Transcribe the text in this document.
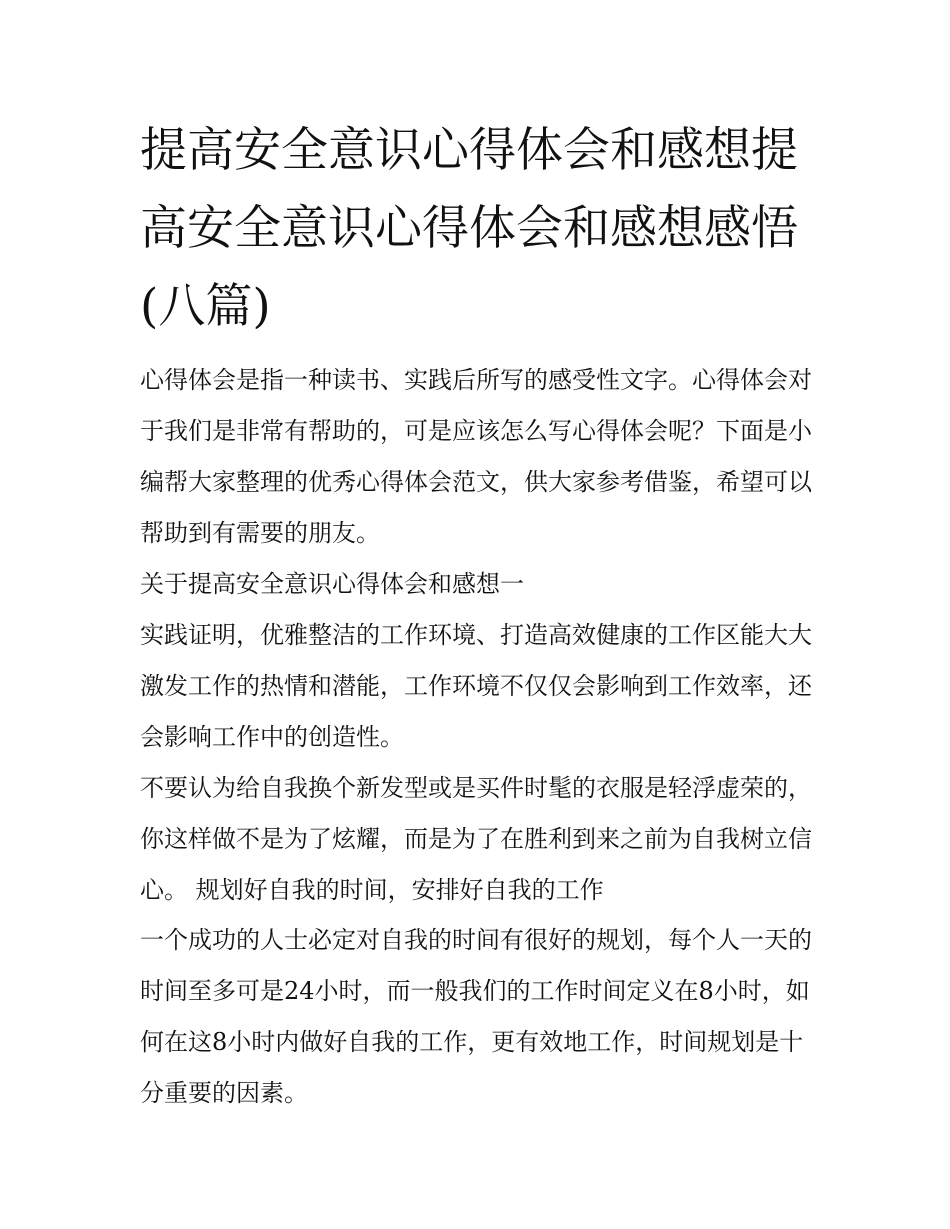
提高安全意识心得体会和感想提高安全意识心得体会和感想感悟(八篇)

心得体会是指一种读书、实践后所写的感受性文字。心得体会对于我们是非常有帮助的，可是应该怎么写心得体会呢？下面是小编帮大家整理的优秀心得体会范文，供大家参考借鉴，希望可以帮助到有需要的朋友。

关于提高安全意识心得体会和感想一

实践证明，优雅整洁的工作环境、打造高效健康的工作区能大大激发工作的热情和潜能，工作环境不仅仅会影响到工作效率，还会影响工作中的创造性。

不要认为给自我换个新发型或是买件时髦的衣服是轻浮虚荣的，你这样做不是为了炫耀，而是为了在胜利到来之前为自我树立信心。 规划好自我的时间，安排好自我的工作

一个成功的人士必定对自我的时间有很好的规划，每个人一天的时间至多可是24小时，而一般我们的工作时间定义在8小时，如何在这8小时内做好自我的工作，更有效地工作，时间规划是十分重要的因素。
